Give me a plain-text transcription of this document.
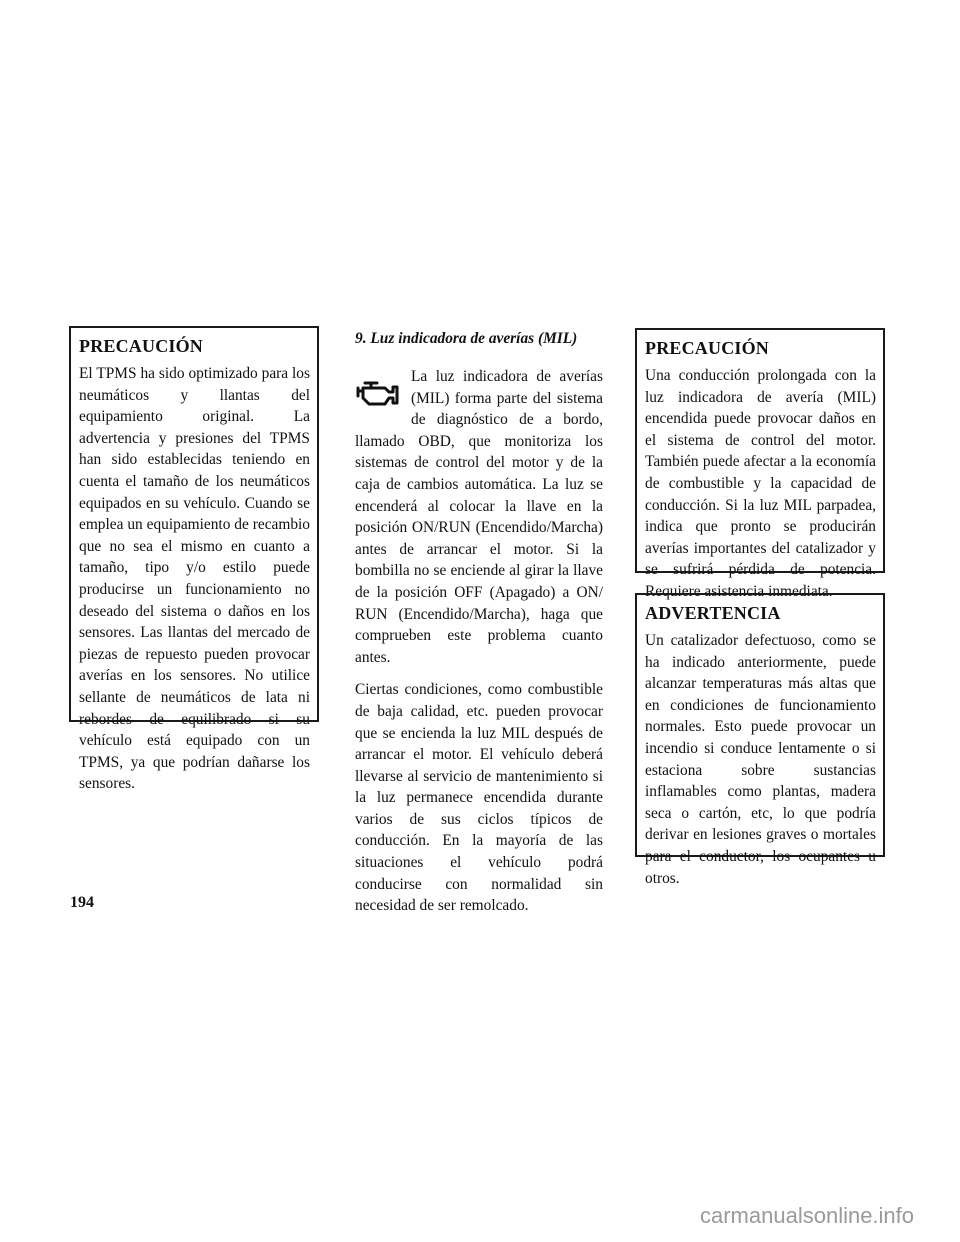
PRECAUCIÓN

El TPMS ha sido optimizado para los neumáticos y llantas del equipamiento original. La advertencia y presiones del TPMS han sido establecidas teniendo en cuenta el tamaño de los neumáticos equipados en su vehículo. Cuando se emplea un equipamiento de recambio que no sea el mismo en cuanto a tamaño, tipo y/o estilo puede producirse un funcionamiento no deseado del sistema o daños en los sensores. Las llantas del mercado de piezas de repuesto pueden provocar averías en los sensores. No utilice sellante de neumáticos de lata ni rebordes de equilibrado si su vehículo está equipado con un TPMS, ya que podrían dañarse los sensores.

9. Luz indicadora de averías (MIL)

La luz indicadora de averías (MIL) forma parte del sistema de diagnóstico de a bordo, llamado OBD, que monitoriza los sistemas de control del motor y de la caja de cambios automática. La luz se encenderá al colocar la llave en la posición ON/RUN (Encendido/Marcha) antes de arrancar el motor. Si la bombilla no se enciende al girar la llave de la posición OFF (Apagado) a ON/ RUN (Encendido/Marcha), haga que comprueben este problema cuanto antes.

Ciertas condiciones, como combustible de baja calidad, etc. pueden provocar que se encienda la luz MIL después de arrancar el motor. El vehículo deberá llevarse al servicio de mantenimiento si la luz permanece encendida durante varios de sus ciclos típicos de conducción. En la mayoría de las situaciones el vehículo podrá conducirse con normalidad sin necesidad de ser remolcado.

PRECAUCIÓN

Una conducción prolongada con la luz indicadora de avería (MIL) encendida puede provocar daños en el sistema de control del motor. También puede afectar a la economía de combustible y la capacidad de conducción. Si la luz MIL parpadea, indica que pronto se producirán averías importantes del catalizador y se sufrirá pérdida de potencia. Requiere asistencia inmediata.

ADVERTENCIA

Un catalizador defectuoso, como se ha indicado anteriormente, puede alcanzar temperaturas más altas que en condiciones de funcionamiento normales. Esto puede provocar un incendio si conduce lentamente o si estaciona sobre sustancias inflamables como plantas, madera seca o cartón, etc, lo que podría derivar en lesiones graves o mortales para el conductor, los ocupantes u otros.

194
carmanualsonline.info
